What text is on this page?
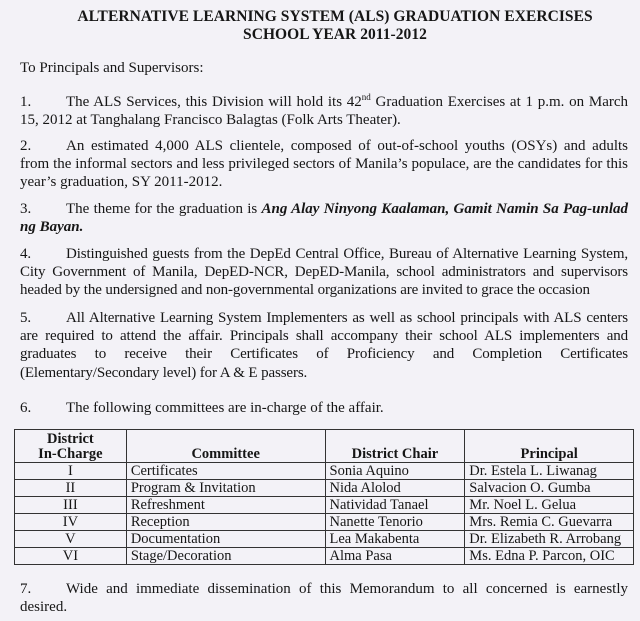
ALTERNATIVE LEARNING SYSTEM (ALS) GRADUATION EXERCISES
SCHOOL YEAR 2011-2012
To Principals and Supervisors:
1. The ALS Services, this Division will hold its 42nd Graduation Exercises at 1 p.m. on March 15, 2012 at Tanghalang Francisco Balagtas (Folk Arts Theater).
2. An estimated 4,000 ALS clientele, composed of out-of-school youths (OSYs) and adults from the informal sectors and less privileged sectors of Manila’s populace, are the candidates for this year’s graduation, SY 2011-2012.
3. The theme for the graduation is Ang Alay Ninyong Kaalaman, Gamit Namin Sa Pag-unlad ng Bayan.
4. Distinguished guests from the DepEd Central Office, Bureau of Alternative Learning System, City Government of Manila, DepED-NCR, DepED-Manila, school administrators and supervisors headed by the undersigned and non-governmental organizations are invited to grace the occasion
5. All Alternative Learning System Implementers as well as school principals with ALS centers are required to attend the affair. Principals shall accompany their school ALS implementers and graduates to receive their Certificates of Proficiency and Completion Certificates (Elementary/Secondary level) for A & E passers.
6. The following committees are in-charge of the affair.
District
In-Charge	Committee	District Chair	Principal
I	Certificates	Sonia Aquino	Dr. Estela L. Liwanag
II	Program & Invitation	Nida Alolod	Salvacion O. Gumba
III	Refreshment	Natividad Tanael	Mr. Noel L. Gelua
IV	Reception	Nanette Tenorio	Mrs. Remia C. Guevarra
V	Documentation	Lea Makabenta	Dr. Elizabeth R. Arrobang
VI	Stage/Decoration	Alma Pasa	Ms. Edna P. Parcon, OIC
7. Wide and immediate dissemination of this Memorandum to all concerned is earnestly desired.
